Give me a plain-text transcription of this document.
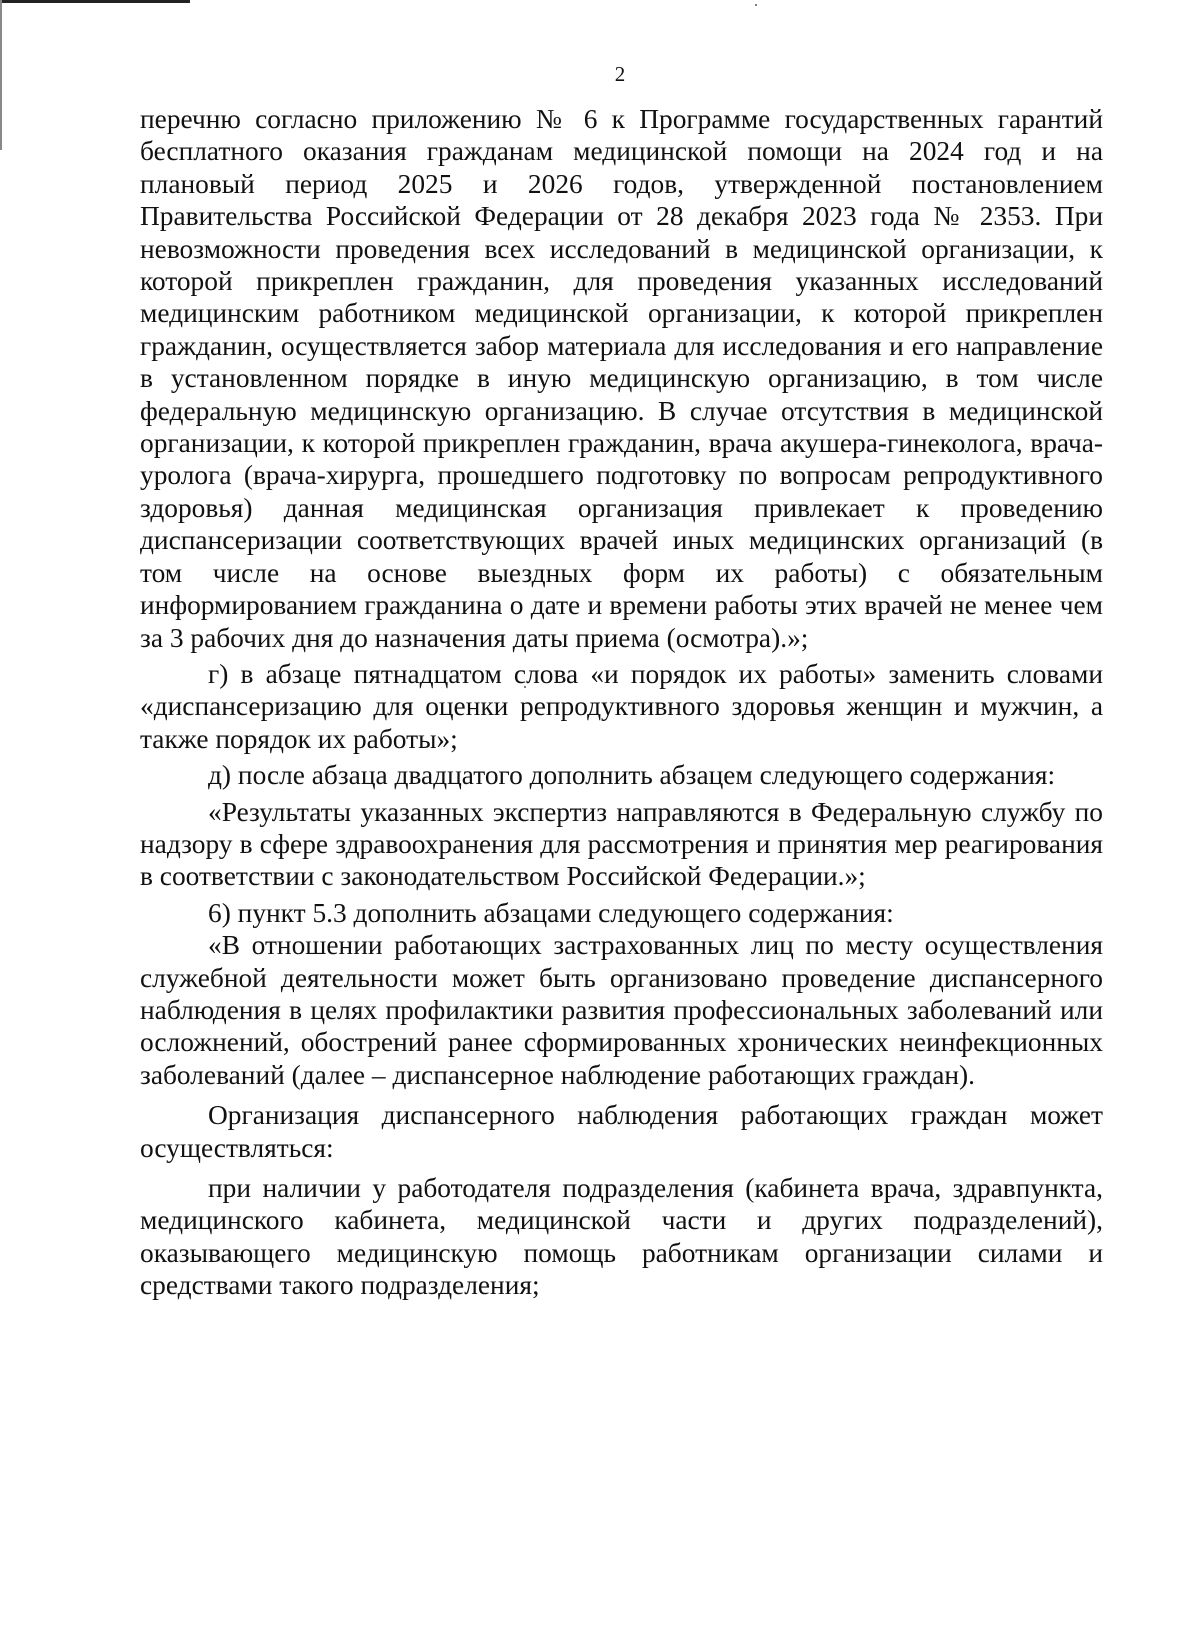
2

перечню согласно приложению № 6 к Программе государственных гарантий бесплатного оказания гражданам медицинской помощи на 2024 год и на плановый период 2025 и 2026 годов, утвержденной постановлением Правительства Российской Федерации от 28 декабря 2023 года № 2353. При невозможности проведения всех исследований в медицинской организации, к которой прикреплен гражданин, для проведения указанных исследований медицинским работником медицинской организации, к которой прикреплен гражданин, осуществляется забор материала для исследования и его направление в установленном порядке в иную медицинскую организацию, в том числе федеральную медицинскую организацию. В случае отсутствия в медицинской организации, к которой прикреплен гражданин, врача акушера-гинеколога, врача-уролога (врача-хирурга, прошедшего подготовку по вопросам репродуктивного здоровья) данная медицинская организация привлекает к проведению диспансеризации соответствующих врачей иных медицинских организаций (в том числе на основе выездных форм их работы) с обязательным информированием гражданина о дате и времени работы этих врачей не менее чем за 3 рабочих дня до назначения даты приема (осмотра).»;

г) в абзаце пятнадцатом слова «и порядок их работы» заменить словами «диспансеризацию для оценки репродуктивного здоровья женщин и мужчин, а также порядок их работы»;

д) после абзаца двадцатого дополнить абзацем следующего содержания:

«Результаты указанных экспертиз направляются в Федеральную службу по надзору в сфере здравоохранения для рассмотрения и принятия мер реагирования в соответствии с законодательством Российской Федерации.»;

6) пункт 5.3 дополнить абзацами следующего содержания:

«В отношении работающих застрахованных лиц по месту осуществления служебной деятельности может быть организовано проведение диспансерного наблюдения в целях профилактики развития профессиональных заболеваний или осложнений, обострений ранее сформированных хронических неинфекционных заболеваний (далее – диспансерное наблюдение работающих граждан).

Организация диспансерного наблюдения работающих граждан может осуществляться:

при наличии у работодателя подразделения (кабинета врача, здравпункта, медицинского кабинета, медицинской части и других подразделений), оказывающего медицинскую помощь работникам организации силами и средствами такого подразделения;
